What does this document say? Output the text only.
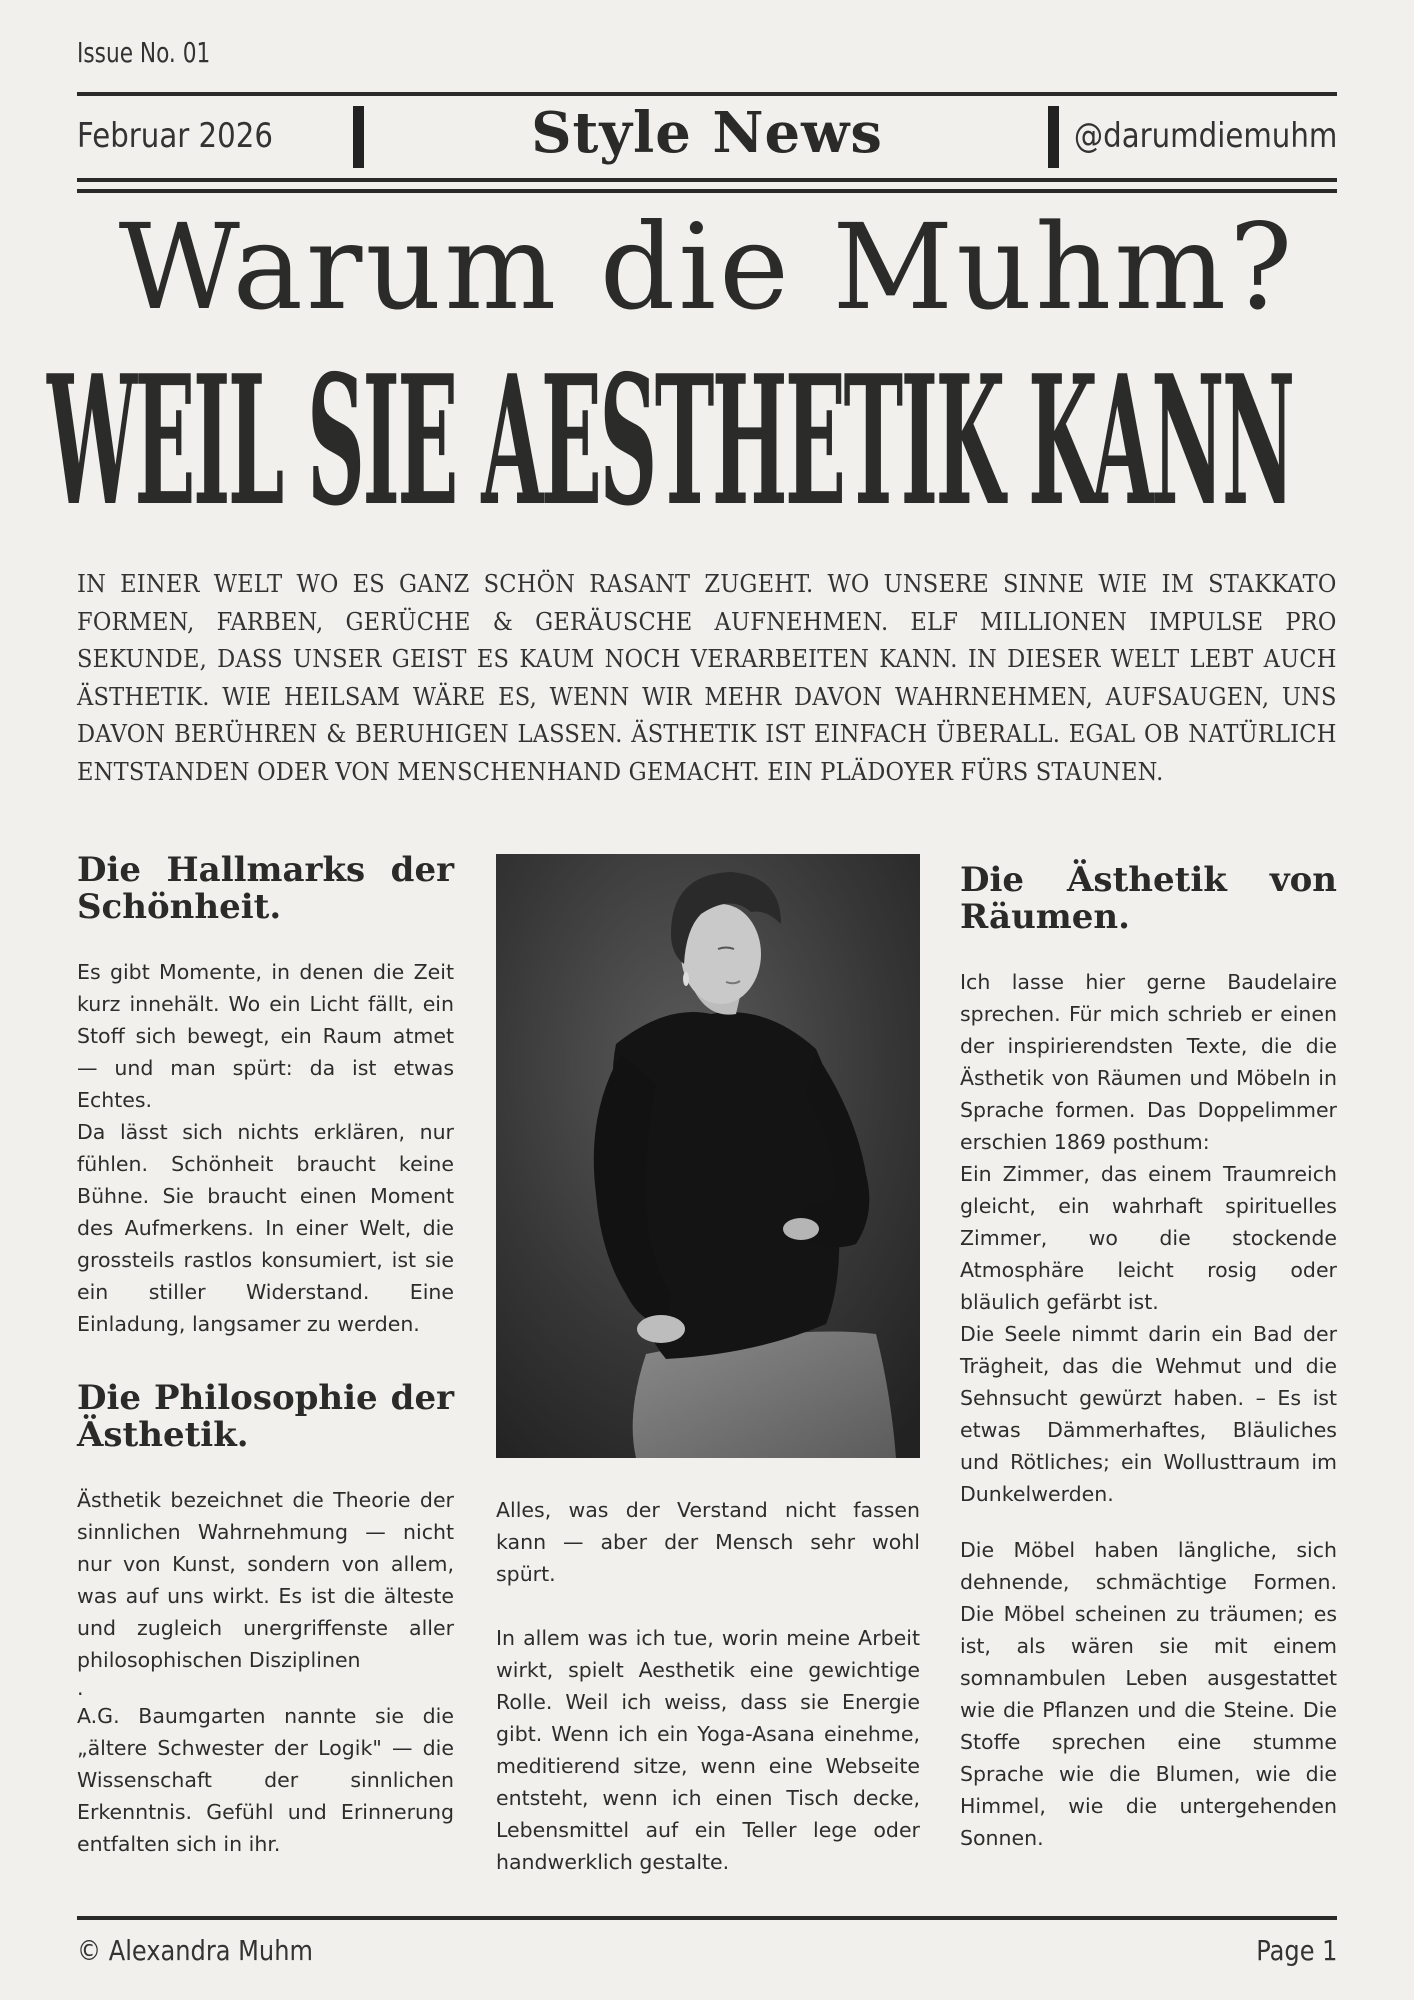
Issue No. 01
Februar 2026	Style News	@darumdiemuhm
Warum die Muhm?
WEIL SIE AESTHETIK KANN
IN EINER WELT WO ES GANZ SCHÖN RASANT ZUGEHT. WO UNSERE SINNE WIE IM STAKKATO FORMEN, FARBEN, GERÜCHE & GERÄUSCHE AUFNEHMEN. ELF MILLIONEN IMPULSE PRO SEKUNDE, DASS UNSER GEIST ES KAUM NOCH VERARBEITEN KANN. IN DIESER WELT LEBT AUCH ÄSTHETIK. WIE HEILSAM WÄRE ES, WENN WIR MEHR DAVON WAHRNEHMEN, AUFSAUGEN, UNS DAVON BERÜHREN & BERUHIGEN LASSEN. ÄSTHETIK IST EINFACH ÜBERALL. EGAL OB NATÜRLICH ENTSTANDEN ODER VON MENSCHENHAND GEMACHT. EIN PLÄDOYER FÜRS STAUNEN.
Die Hallmarks der
Schönheit.

Es gibt Momente, in denen die Zeit kurz innehält. Wo ein Licht fällt, ein Stoff sich bewegt, ein Raum atmet — und man spürt: da ist etwas Echtes.

Da lässt sich nichts erklären, nur fühlen. Schönheit braucht keine Bühne. Sie braucht einen Moment des Aufmerkens. In einer Welt, die grossteils rastlos konsumiert, ist sie ein stiller Widerstand. Eine Einladung, langsamer zu werden.

Die Philosophie der
Ästhetik.

Ästhetik bezeichnet die Theorie der sinnlichen Wahrnehmung — nicht nur von Kunst, sondern von allem, was auf uns wirkt. Es ist die älteste und zugleich unergriffenste aller philosophischen Disziplinen

.

A.G. Baumgarten nannte sie die „ältere Schwester der Logik" — die Wissenschaft der sinnlichen Erkenntnis. Gefühl und Erinnerung entfalten sich in ihr.

Alles, was der Verstand nicht fassen kann — aber der Mensch sehr wohl spürt.

In allem was ich tue, worin meine Arbeit wirkt, spielt Aesthetik eine gewichtige Rolle. Weil ich weiss, dass sie Energie gibt. Wenn ich ein Yoga-Asana einehme, meditierend sitze, wenn eine Webseite entsteht, wenn ich einen Tisch decke, Lebensmittel auf ein Teller lege oder handwerklich gestalte.

Die Ästhetik von
Räumen.

Ich lasse hier gerne Baudelaire sprechen. Für mich schrieb er einen der inspirierendsten Texte, die die Ästhetik von Räumen und Möbeln in Sprache formen. Das Doppelimmer erschien 1869 posthum:

Ein Zimmer, das einem Traumreich gleicht, ein wahrhaft spirituelles Zimmer, wo die stockende Atmosphäre leicht rosig oder bläulich gefärbt ist.

Die Seele nimmt darin ein Bad der Trägheit, das die Wehmut und die Sehnsucht gewürzt haben. – Es ist etwas Dämmerhaftes, Bläuliches und Rötliches; ein Wollusttraum im Dunkelwerden.

Die Möbel haben längliche, sich dehnende, schmächtige Formen. Die Möbel scheinen zu träumen; es ist, als wären sie mit einem somnambulen Leben ausgestattet wie die Pflanzen und die Steine. Die Stoffe sprechen eine stumme Sprache wie die Blumen, wie die Himmel, wie die untergehenden Sonnen.

© Alexandra Muhm	Page 1
